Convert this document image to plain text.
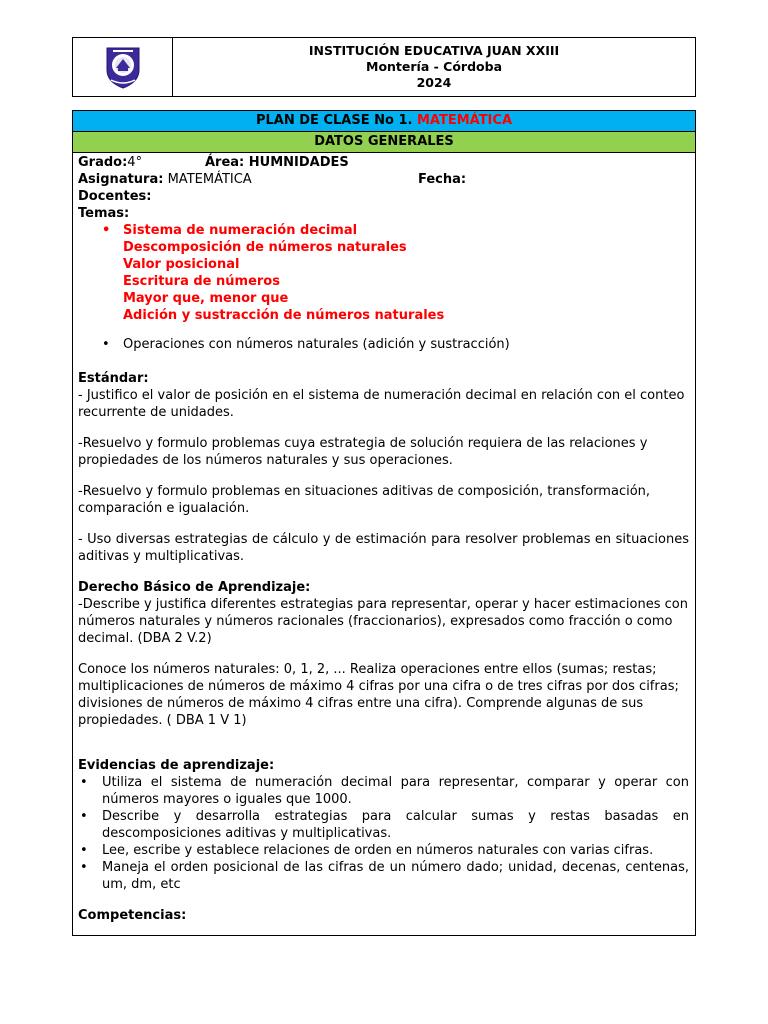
INSTITUCIÓN EDUCATIVA JUAN XXIII
Montería - Córdoba
2024
PLAN DE CLASE No 1. MATEMÁTICA
DATOS GENERALES
Grado:4°	Área: HUMNIDADES
Asignatura: MATEMÁTICA	Fecha:
Docentes:
Temas:
• Sistema de numeración decimal
Descomposición de números naturales
Valor posicional
Escritura de números
Mayor que, menor que
Adición y sustracción de números naturales
• Operaciones con números naturales (adición y sustracción)
Estándar:

- Justifico el valor de posición en el sistema de numeración decimal en relación con el conteo recurrente de unidades.

-Resuelvo y formulo problemas cuya estrategia de solución requiera de las relaciones y propiedades de los números naturales y sus operaciones.

-Resuelvo y formulo problemas en situaciones aditivas de composición, transformación, comparación e igualación.

- Uso diversas estrategias de cálculo y de estimación para resolver problemas en situaciones aditivas y multiplicativas.

Derecho Básico de Aprendizaje:

-Describe y justifica diferentes estrategias para representar, operar y hacer estimaciones con números naturales y números racionales (fraccionarios), expresados como fracción o como decimal. (DBA 2 V.2)

Conoce los números naturales: 0, 1, 2, ... Realiza operaciones entre ellos (sumas; restas; multiplicaciones de números de máximo 4 cifras por una cifra o de tres cifras por dos cifras; divisiones de números de máximo 4 cifras entre una cifra). Comprende algunas de sus propiedades. ( DBA 1 V 1)

Evidencias de aprendizaje:
• Utiliza el sistema de numeración decimal para representar, comparar y operar con números mayores o iguales que 1000.
• Describe y desarrolla estrategias para calcular sumas y restas basadas en descomposiciones aditivas y multiplicativas.
• Lee, escribe y establece relaciones de orden en números naturales con varias cifras.
• Maneja el orden posicional de las cifras de un número dado; unidad, decenas, centenas, um, dm, etc
Competencias:
